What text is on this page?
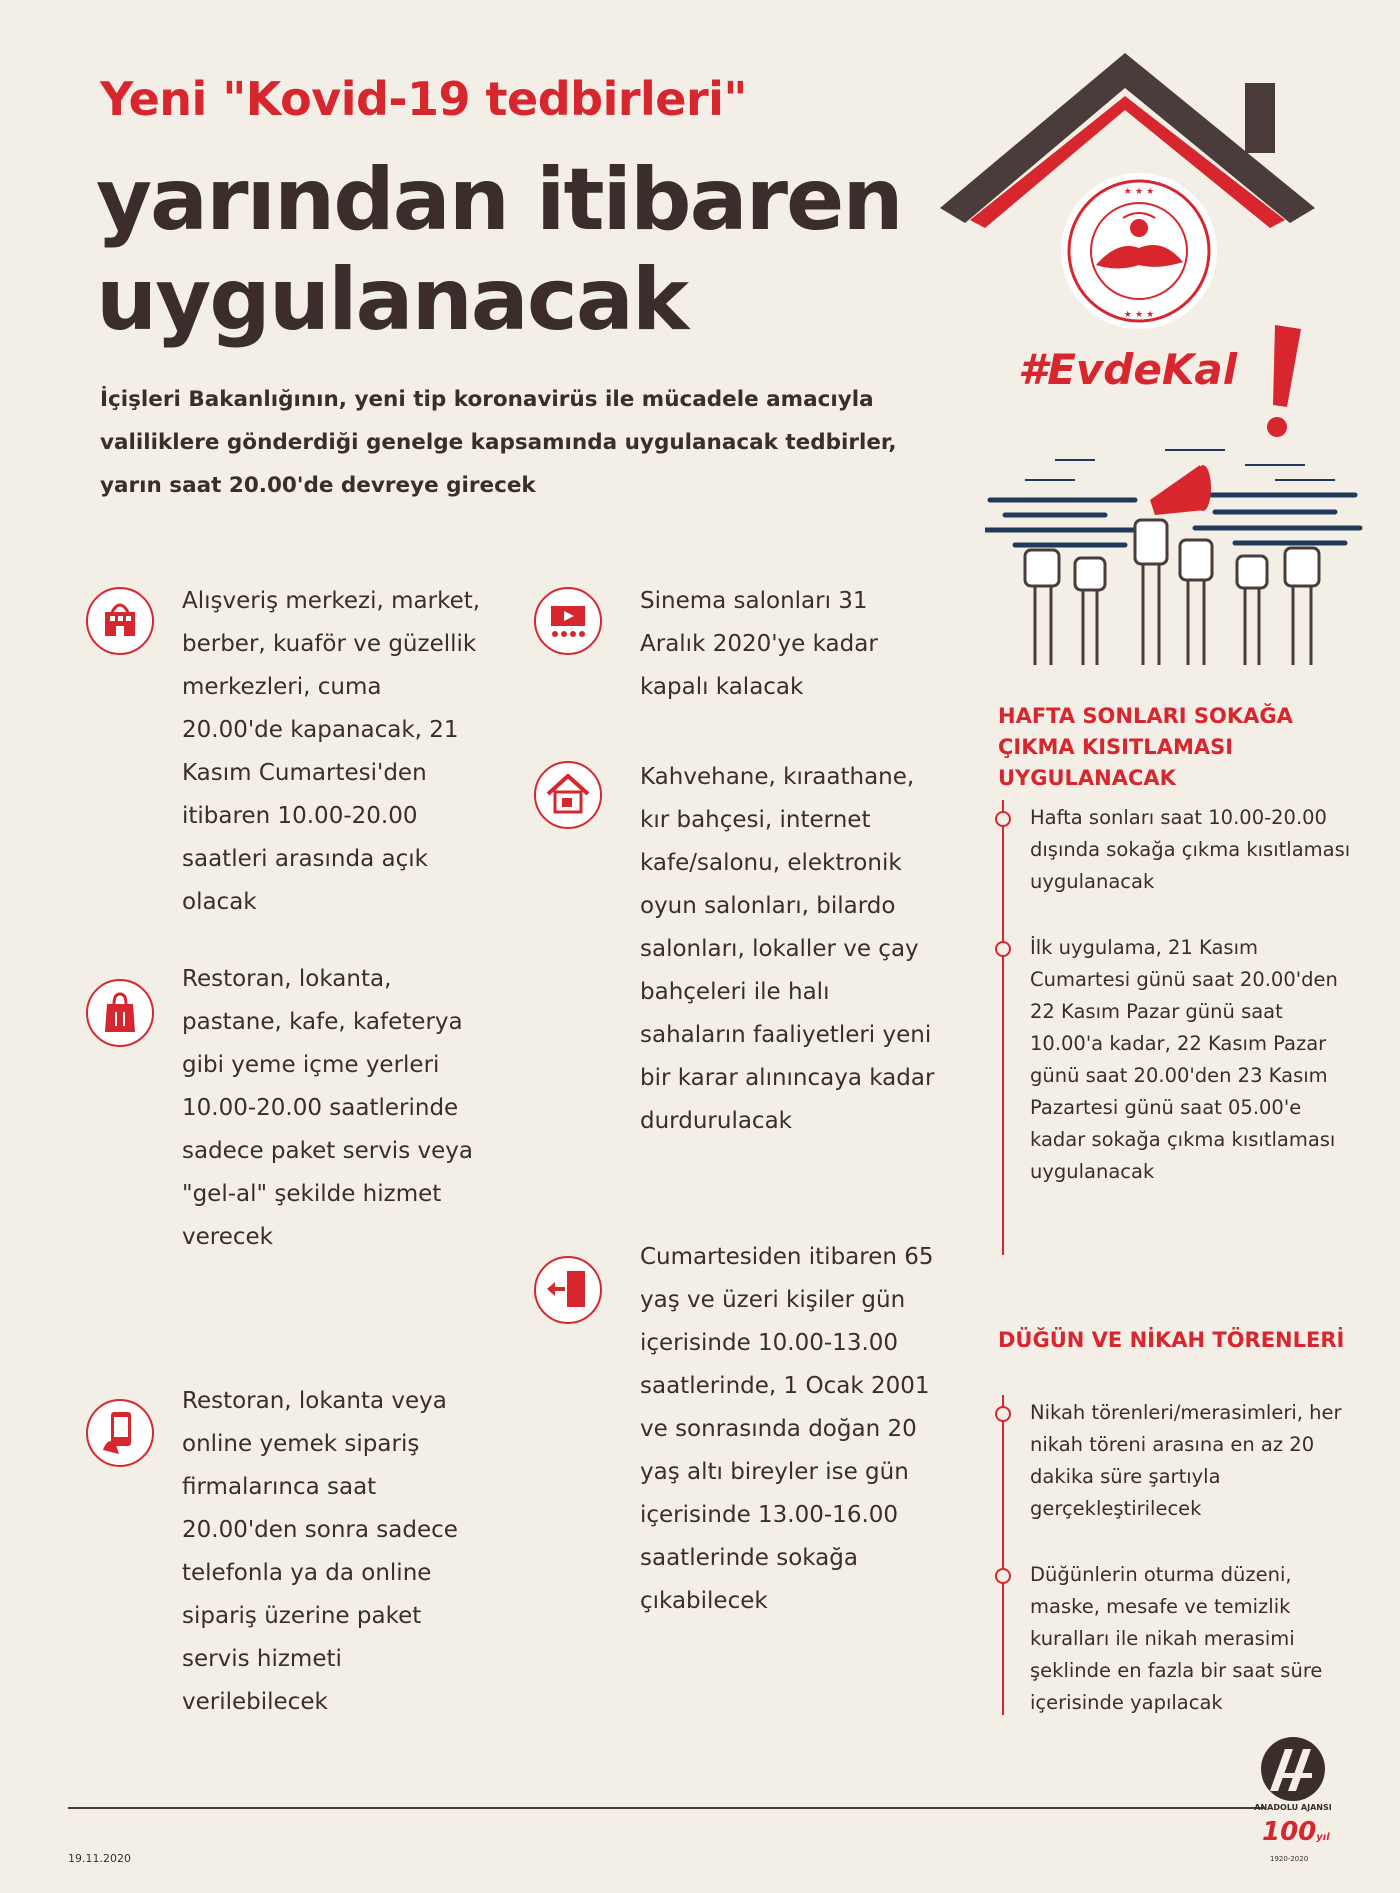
Yeni "Kovid-19 tedbirleri"
yarından itibaren
uygulanacak
İçişleri Bakanlığının, yeni tip koronavirüs ile mücadele amacıyla valiliklere gönderdiği genelge kapsamında uygulanacak tedbirler, yarın saat 20.00'de devreye girecek
★ ★ ★
★ ★ ★
#EvdeKal
Alışveriş merkezi, market, berber, kuaför ve güzellik merkezleri, cuma 20.00'de kapanacak, 21 Kasım Cumartesi'den itibaren 10.00-20.00 saatleri arasında açık olacak
Restoran, lokanta, pastane, kafe, kafeterya gibi yeme içme yerleri 10.00-20.00 saatlerinde sadece paket servis veya "gel-al" şekilde hizmet verecek
Restoran, lokanta veya online yemek sipariş firmalarınca saat 20.00'den sonra sadece telefonla ya da online sipariş üzerine paket servis hizmeti verilebilecek
Sinema salonları 31 Aralık 2020'ye kadar kapalı kalacak
Kahvehane, kıraathane, kır bahçesi, internet kafe/salonu, elektronik oyun salonları, bilardo salonları, lokaller ve çay bahçeleri ile halı sahaların faaliyetleri yeni bir karar alınıncaya kadar durdurulacak
Cumartesiden itibaren 65 yaş ve üzeri kişiler gün içerisinde 10.00-13.00 saatlerinde, 1 Ocak 2001 ve sonrasında doğan 20 yaş altı bireyler ise gün içerisinde 13.00-16.00 saatlerinde sokağa çıkabilecek
HAFTA SONLARI SOKAĞA ÇIKMA KISITLAMASI UYGULANACAK
Hafta sonları saat 10.00-20.00 dışında sokağa çıkma kısıtlaması uygulanacak
İlk uygulama, 21 Kasım Cumartesi günü saat 20.00'den 22 Kasım Pazar günü saat 10.00'a kadar, 22 Kasım Pazar günü saat 20.00'den 23 Kasım Pazartesi günü saat 05.00'e kadar sokağa çıkma kısıtlaması uygulanacak
DÜĞÜN VE NİKAH TÖRENLERİ
Nikah törenleri/merasimleri, her nikah töreni arasına en az 20 dakika süre şartıyla gerçekleştirilecek
Düğünlerin oturma düzeni, maske, mesafe ve temizlik kuralları ile nikah merasimi şeklinde en fazla bir saat süre içerisinde yapılacak
19.11.2020
ANADOLU AJANSI
100yıl
1920-2020
